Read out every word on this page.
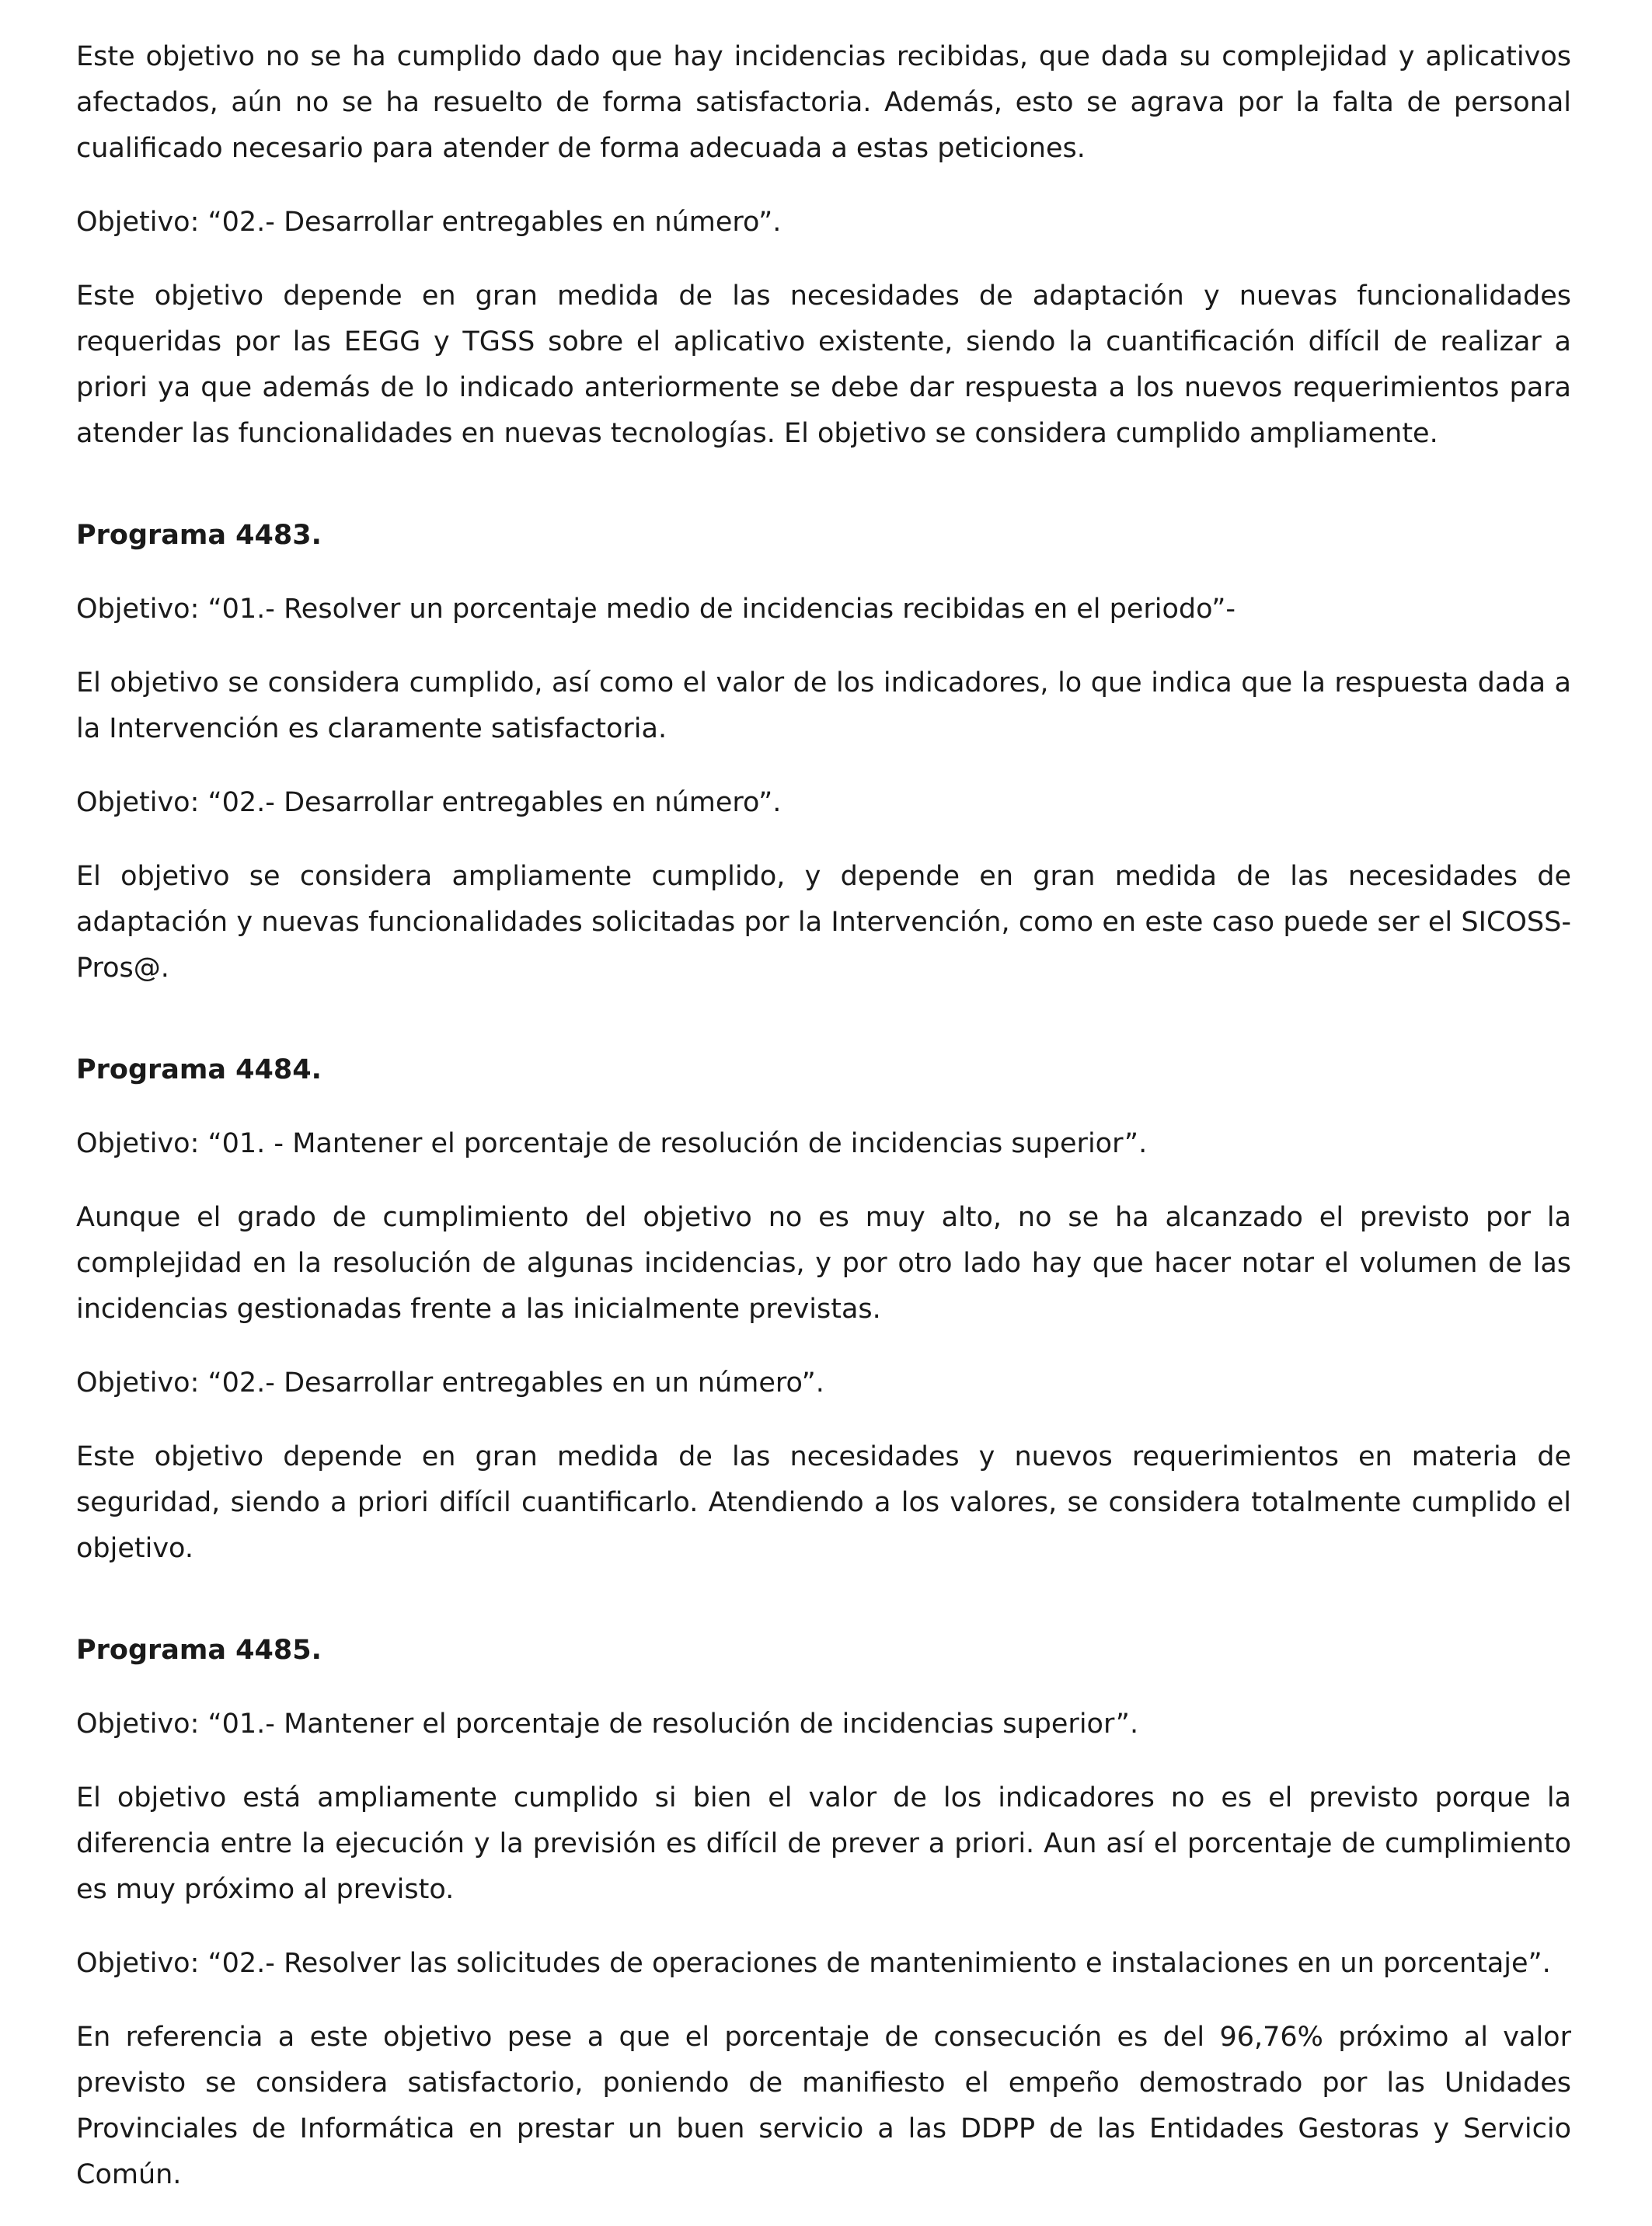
Este objetivo no se ha cumplido dado que hay incidencias recibidas, que dada su complejidad y aplicativos afectados, aún no se ha resuelto de forma satisfactoria. Además, esto se agrava por la falta de personal cualificado necesario para atender de forma adecuada a estas peticiones.

Objetivo: “02.- Desarrollar entregables en número”.

Este objetivo depende en gran medida de las necesidades de adaptación y nuevas funcionalidades requeridas por las EEGG y TGSS sobre el aplicativo existente, siendo la cuantificación difícil de realizar a priori ya que además de lo indicado anteriormente se debe dar respuesta a los nuevos requerimientos para atender las funcionalidades en nuevas tecnologías. El objetivo se considera cumplido ampliamente.

Programa 4483.

Objetivo: “01.- Resolver un porcentaje medio de incidencias recibidas en el periodo”-

El objetivo se considera cumplido, así como el valor de los indicadores, lo que indica que la respuesta dada a la Intervención es claramente satisfactoria.

Objetivo: “02.- Desarrollar entregables en número”.

El objetivo se considera ampliamente cumplido, y depende en gran medida de las necesidades de adaptación y nuevas funcionalidades solicitadas por la Intervención, como en este caso puede ser el SICOSS-Pros@.

Programa 4484.

Objetivo: “01. - Mantener el porcentaje de resolución de incidencias superior”.

Aunque el grado de cumplimiento del objetivo no es muy alto, no se ha alcanzado el previsto por la complejidad en la resolución de algunas incidencias, y por otro lado hay que hacer notar el volumen de las incidencias gestionadas frente a las inicialmente previstas.

Objetivo: “02.- Desarrollar entregables en un número”.

Este objetivo depende en gran medida de las necesidades y nuevos requerimientos en materia de seguridad, siendo a priori difícil cuantificarlo. Atendiendo a los valores, se considera totalmente cumplido el objetivo.

Programa 4485.

Objetivo: “01.- Mantener el porcentaje de resolución de incidencias superior”.

El objetivo está ampliamente cumplido si bien el valor de los indicadores no es el previsto porque la diferencia entre la ejecución y la previsión es difícil de prever a priori. Aun así el porcentaje de cumplimiento es muy próximo al previsto.

Objetivo: “02.- Resolver las solicitudes de operaciones de mantenimiento e instalaciones en un porcentaje”.

En referencia a este objetivo pese a que el porcentaje de consecución es del 96,76% próximo al valor previsto se considera satisfactorio, poniendo de manifiesto el empeño demostrado por las Unidades Provinciales de Informática en prestar un buen servicio a las DDPP de las Entidades Gestoras y Servicio Común.
